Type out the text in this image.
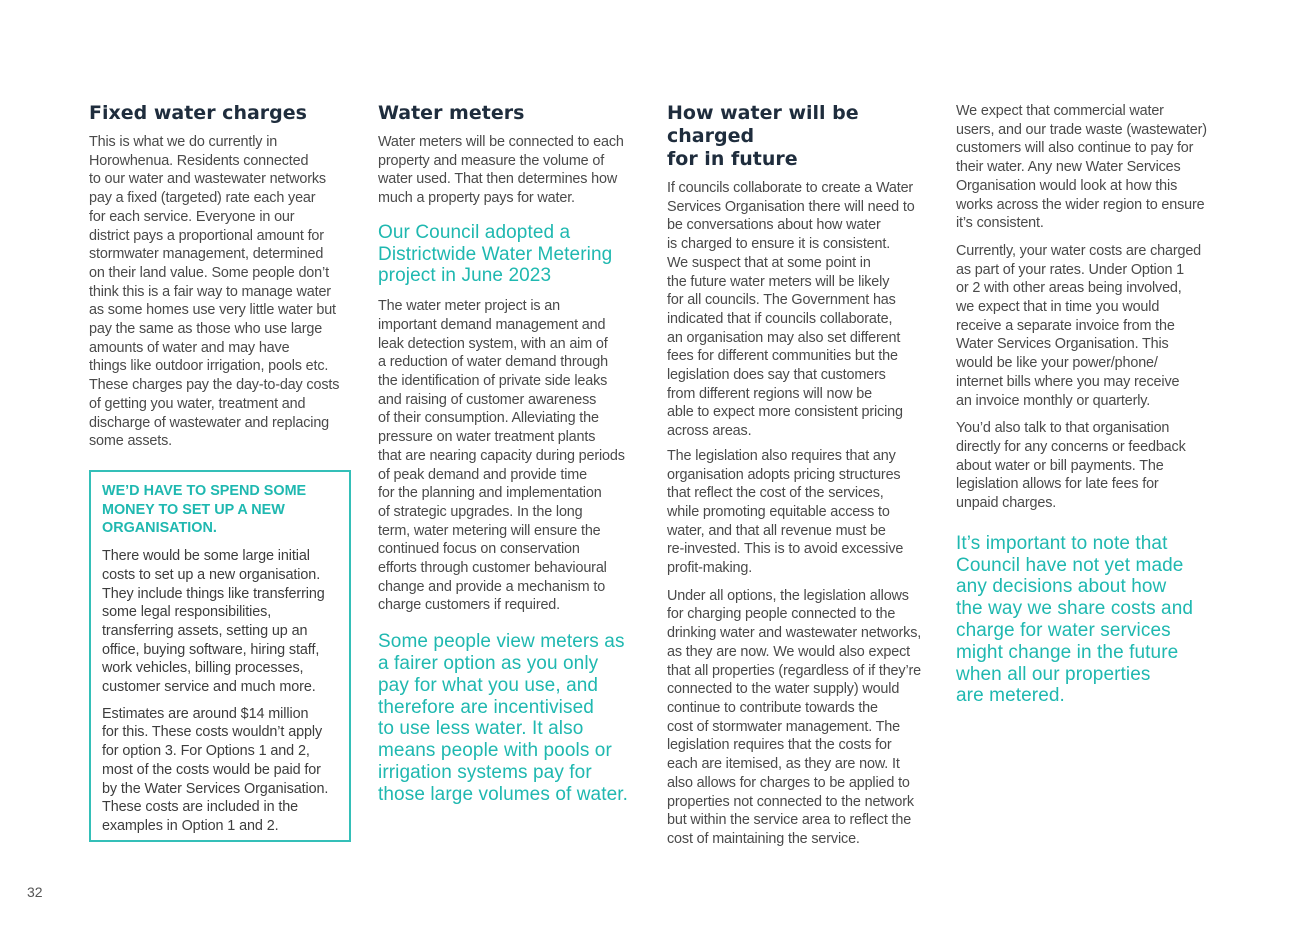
Fixed water charges

This is what we do currently in
Horowhenua. Residents connected
to our water and wastewater networks
pay a fixed (targeted) rate each year
for each service. Everyone in our
district pays a proportional amount for
stormwater management, determined
on their land value. Some people don’t
think this is a fair way to manage water
as some homes use very little water but
pay the same as those who use large
amounts of water and may have
things like outdoor irrigation, pools etc.
These charges pay the day-to-day costs
of getting you water, treatment and
discharge of wastewater and replacing
some assets.

WE’D HAVE TO SPEND SOME
MONEY TO SET UP A NEW
ORGANISATION.

There would be some large initial
costs to set up a new organisation.
They include things like transferring
some legal responsibilities,
transferring assets, setting up an
office, buying software, hiring staff,
work vehicles, billing processes,
customer service and much more.

Estimates are around $14 million
for this. These costs wouldn’t apply
for option 3. For Options 1 and 2,
most of the costs would be paid for
by the Water Services Organisation.
These costs are included in the
examples in Option 1 and 2.

Water meters

Water meters will be connected to each
property and measure the volume of
water used. That then determines how
much a property pays for water.

Our Council adopted a
Districtwide Water Metering
project in June 2023

The water meter project is an
important demand management and
leak detection system, with an aim of
a reduction of water demand through
the identification of private side leaks
and raising of customer awareness
of their consumption. Alleviating the
pressure on water treatment plants
that are nearing capacity during periods
of peak demand and provide time
for the planning and implementation
of strategic upgrades. In the long
term, water metering will ensure the
continued focus on conservation
efforts through customer behavioural
change and provide a mechanism to
charge customers if required.

Some people view meters as
a fairer option as you only
pay for what you use, and
therefore are incentivised
to use less water. It also
means people with pools or
irrigation systems pay for
those large volumes of water.
How water will be charged
for in future

If councils collaborate to create a Water
Services Organisation there will need to
be conversations about how water
is charged to ensure it is consistent.
We suspect that at some point in
the future water meters will be likely
for all councils. The Government has
indicated that if councils collaborate,
an organisation may also set different
fees for different communities but the
legislation does say that customers
from different regions will now be
able to expect more consistent pricing
across areas.

The legislation also requires that any
organisation adopts pricing structures
that reflect the cost of the services,
while promoting equitable access to
water, and that all revenue must be
re-invested. This is to avoid excessive
profit-making.

Under all options, the legislation allows
for charging people connected to the
drinking water and wastewater networks,
as they are now. We would also expect
that all properties (regardless of if they’re
connected to the water supply) would
continue to contribute towards the
cost of stormwater management. The
legislation requires that the costs for
each are itemised, as they are now. It
also allows for charges to be applied to
properties not connected to the network
but within the service area to reflect the
cost of maintaining the service.

We expect that commercial water
users, and our trade waste (wastewater)
customers will also continue to pay for
their water. Any new Water Services
Organisation would look at how this
works across the wider region to ensure
it’s consistent.

Currently, your water costs are charged
as part of your rates. Under Option 1
or 2 with other areas being involved,
we expect that in time you would
receive a separate invoice from the
Water Services Organisation. This
would be like your power/phone/
internet bills where you may receive
an invoice monthly or quarterly.

You’d also talk to that organisation
directly for any concerns or feedback
about water or bill payments. The
legislation allows for late fees for
unpaid charges.

It’s important to note that
Council have not yet made
any decisions about how
the way we share costs and
charge for water services
might change in the future
when all our properties
are metered.
32
